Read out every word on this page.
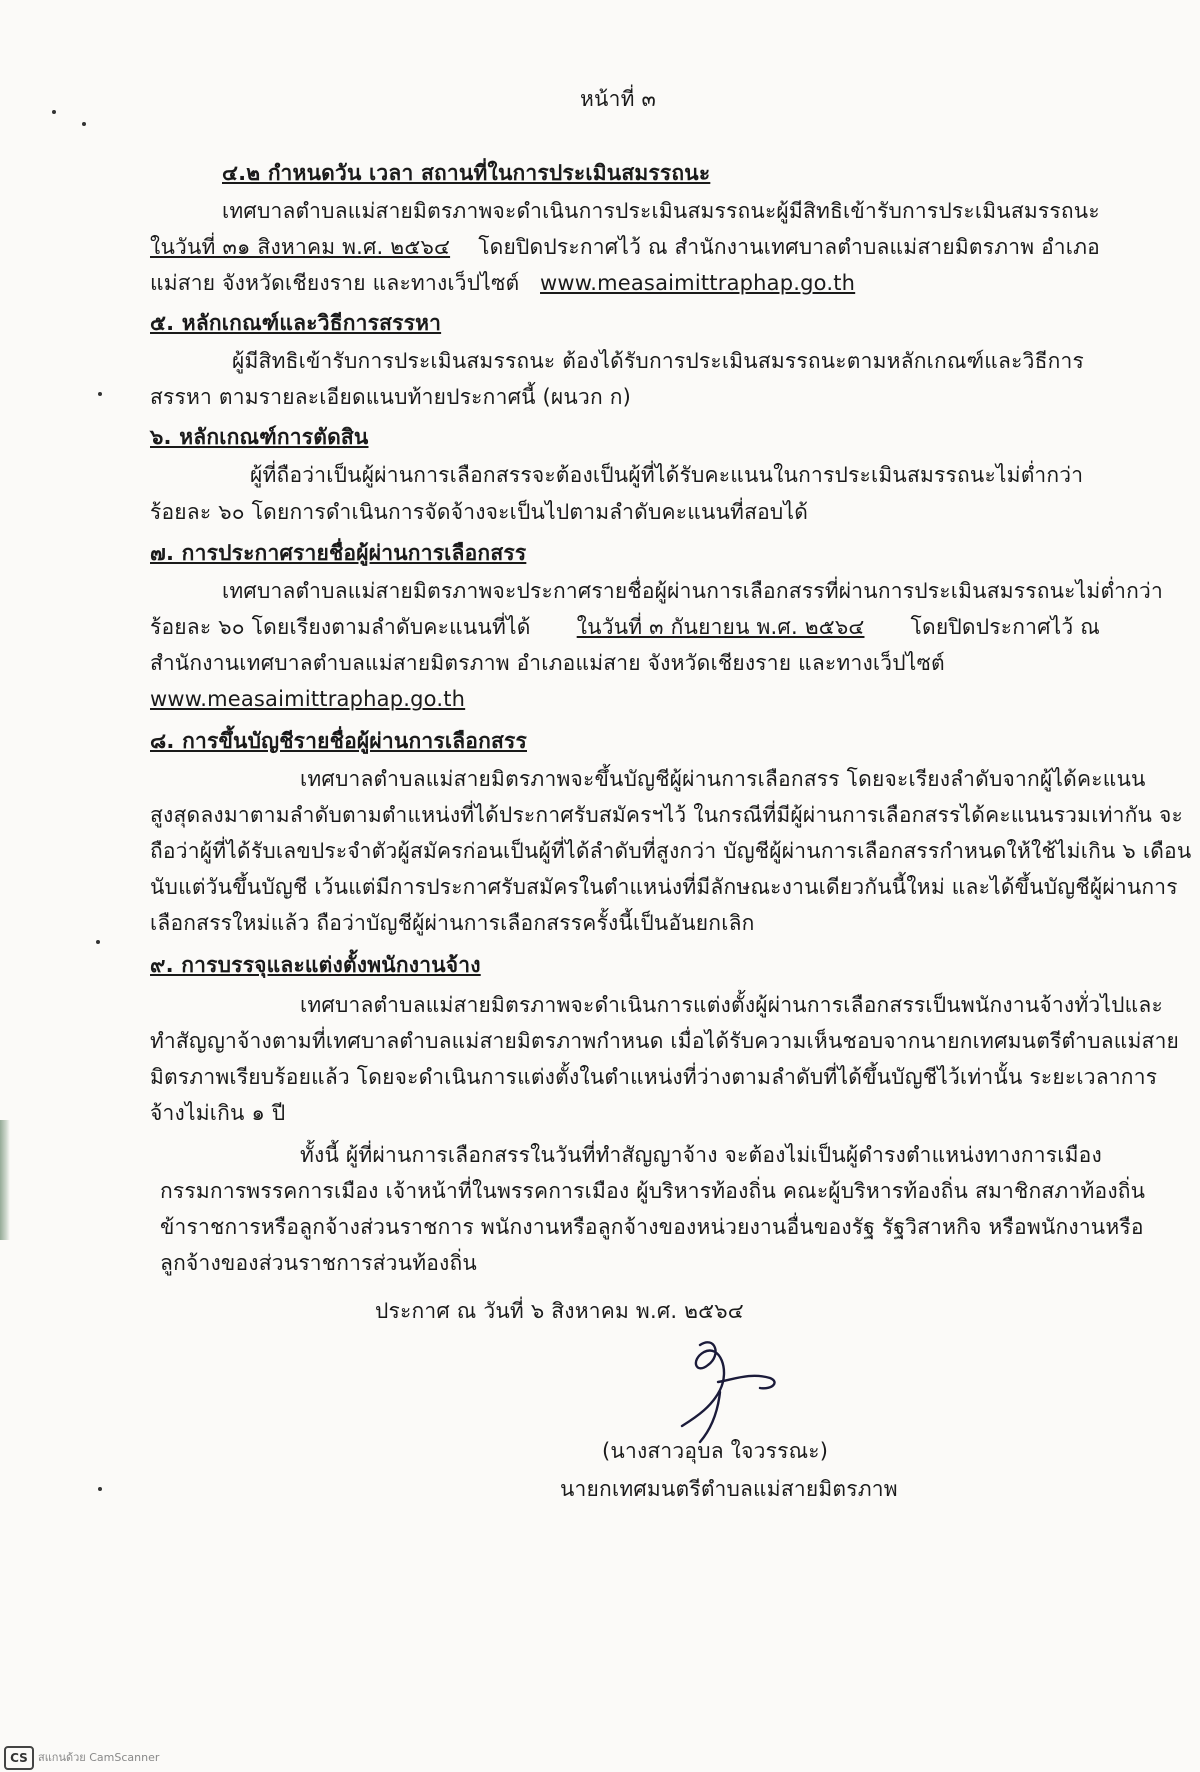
หน้าที่ ๓
๔.๒ กำหนดวัน เวลา สถานที่ในการประเมินสมรรถนะ
เทศบาลตำบลแม่สายมิตรภาพจะดำเนินการประเมินสมรรถนะผู้มีสิทธิเข้ารับการประเมินสมรรถนะ
ในวันที่ ๓๑ สิงหาคม พ.ศ. ๒๕๖๔ โดยปิดประกาศไว้ ณ สำนักงานเทศบาลตำบลแม่สายมิตรภาพ อำเภอ
แม่สาย จังหวัดเชียงราย และทางเว็ปไซต์ www.measaimittraphap.go.th
๕. หลักเกณฑ์และวิธีการสรรหา
ผู้มีสิทธิเข้ารับการประเมินสมรรถนะ ต้องได้รับการประเมินสมรรถนะตามหลักเกณฑ์และวิธีการ
สรรหา ตามรายละเอียดแนบท้ายประกาศนี้ (ผนวก ก)
๖. หลักเกณฑ์การตัดสิน
ผู้ที่ถือว่าเป็นผู้ผ่านการเลือกสรรจะต้องเป็นผู้ที่ได้รับคะแนนในการประเมินสมรรถนะไม่ต่ำกว่า
ร้อยละ ๖๐ โดยการดำเนินการจัดจ้างจะเป็นไปตามลำดับคะแนนที่สอบได้
๗. การประกาศรายชื่อผู้ผ่านการเลือกสรร
เทศบาลตำบลแม่สายมิตรภาพจะประกาศรายชื่อผู้ผ่านการเลือกสรรที่ผ่านการประเมินสมรรถนะไม่ต่ำกว่า
ร้อยละ ๖๐ โดยเรียงตามลำดับคะแนนที่ได้ ในวันที่ ๓ กันยายน พ.ศ. ๒๕๖๔ โดยปิดประกาศไว้ ณ
สำนักงานเทศบาลตำบลแม่สายมิตรภาพ อำเภอแม่สาย จังหวัดเชียงราย และทางเว็ปไซต์
www.measaimittraphap.go.th
๘. การขึ้นบัญชีรายชื่อผู้ผ่านการเลือกสรร
เทศบาลตำบลแม่สายมิตรภาพจะขึ้นบัญชีผู้ผ่านการเลือกสรร โดยจะเรียงลำดับจากผู้ได้คะแนน
สูงสุดลงมาตามลำดับตามตำแหน่งที่ได้ประกาศรับสมัครฯไว้ ในกรณีที่มีผู้ผ่านการเลือกสรรได้คะแนนรวมเท่ากัน จะ
ถือว่าผู้ที่ได้รับเลขประจำตัวผู้สมัครก่อนเป็นผู้ที่ได้ลำดับที่สูงกว่า บัญชีผู้ผ่านการเลือกสรรกำหนดให้ใช้ไม่เกิน ๖ เดือน
นับแต่วันขึ้นบัญชี เว้นแต่มีการประกาศรับสมัครในตำแหน่งที่มีลักษณะงานเดียวกันนี้ใหม่ และได้ขึ้นบัญชีผู้ผ่านการ
เลือกสรรใหม่แล้ว ถือว่าบัญชีผู้ผ่านการเลือกสรรครั้งนี้เป็นอันยกเลิก
๙. การบรรจุและแต่งตั้งพนักงานจ้าง
เทศบาลตำบลแม่สายมิตรภาพจะดำเนินการแต่งตั้งผู้ผ่านการเลือกสรรเป็นพนักงานจ้างทั่วไปและ
ทำสัญญาจ้างตามที่เทศบาลตำบลแม่สายมิตรภาพกำหนด เมื่อได้รับความเห็นชอบจากนายกเทศมนตรีตำบลแม่สาย
มิตรภาพเรียบร้อยแล้ว โดยจะดำเนินการแต่งตั้งในตำแหน่งที่ว่างตามลำดับที่ได้ขึ้นบัญชีไว้เท่านั้น ระยะเวลาการ
จ้างไม่เกิน ๑ ปี
ทั้งนี้ ผู้ที่ผ่านการเลือกสรรในวันที่ทำสัญญาจ้าง จะต้องไม่เป็นผู้ดำรงตำแหน่งทางการเมือง
กรรมการพรรคการเมือง เจ้าหน้าที่ในพรรคการเมือง ผู้บริหารท้องถิ่น คณะผู้บริหารท้องถิ่น สมาชิกสภาท้องถิ่น
ข้าราชการหรือลูกจ้างส่วนราชการ พนักงานหรือลูกจ้างของหน่วยงานอื่นของรัฐ รัฐวิสาหกิจ หรือพนักงานหรือ
ลูกจ้างของส่วนราชการส่วนท้องถิ่น
ประกาศ ณ วันที่ ๖ สิงหาคม พ.ศ. ๒๕๖๔
(นางสาวอุบล ใจวรรณะ)
นายกเทศมนตรีตำบลแม่สายมิตรภาพ
CS สแกนด้วย CamScanner
